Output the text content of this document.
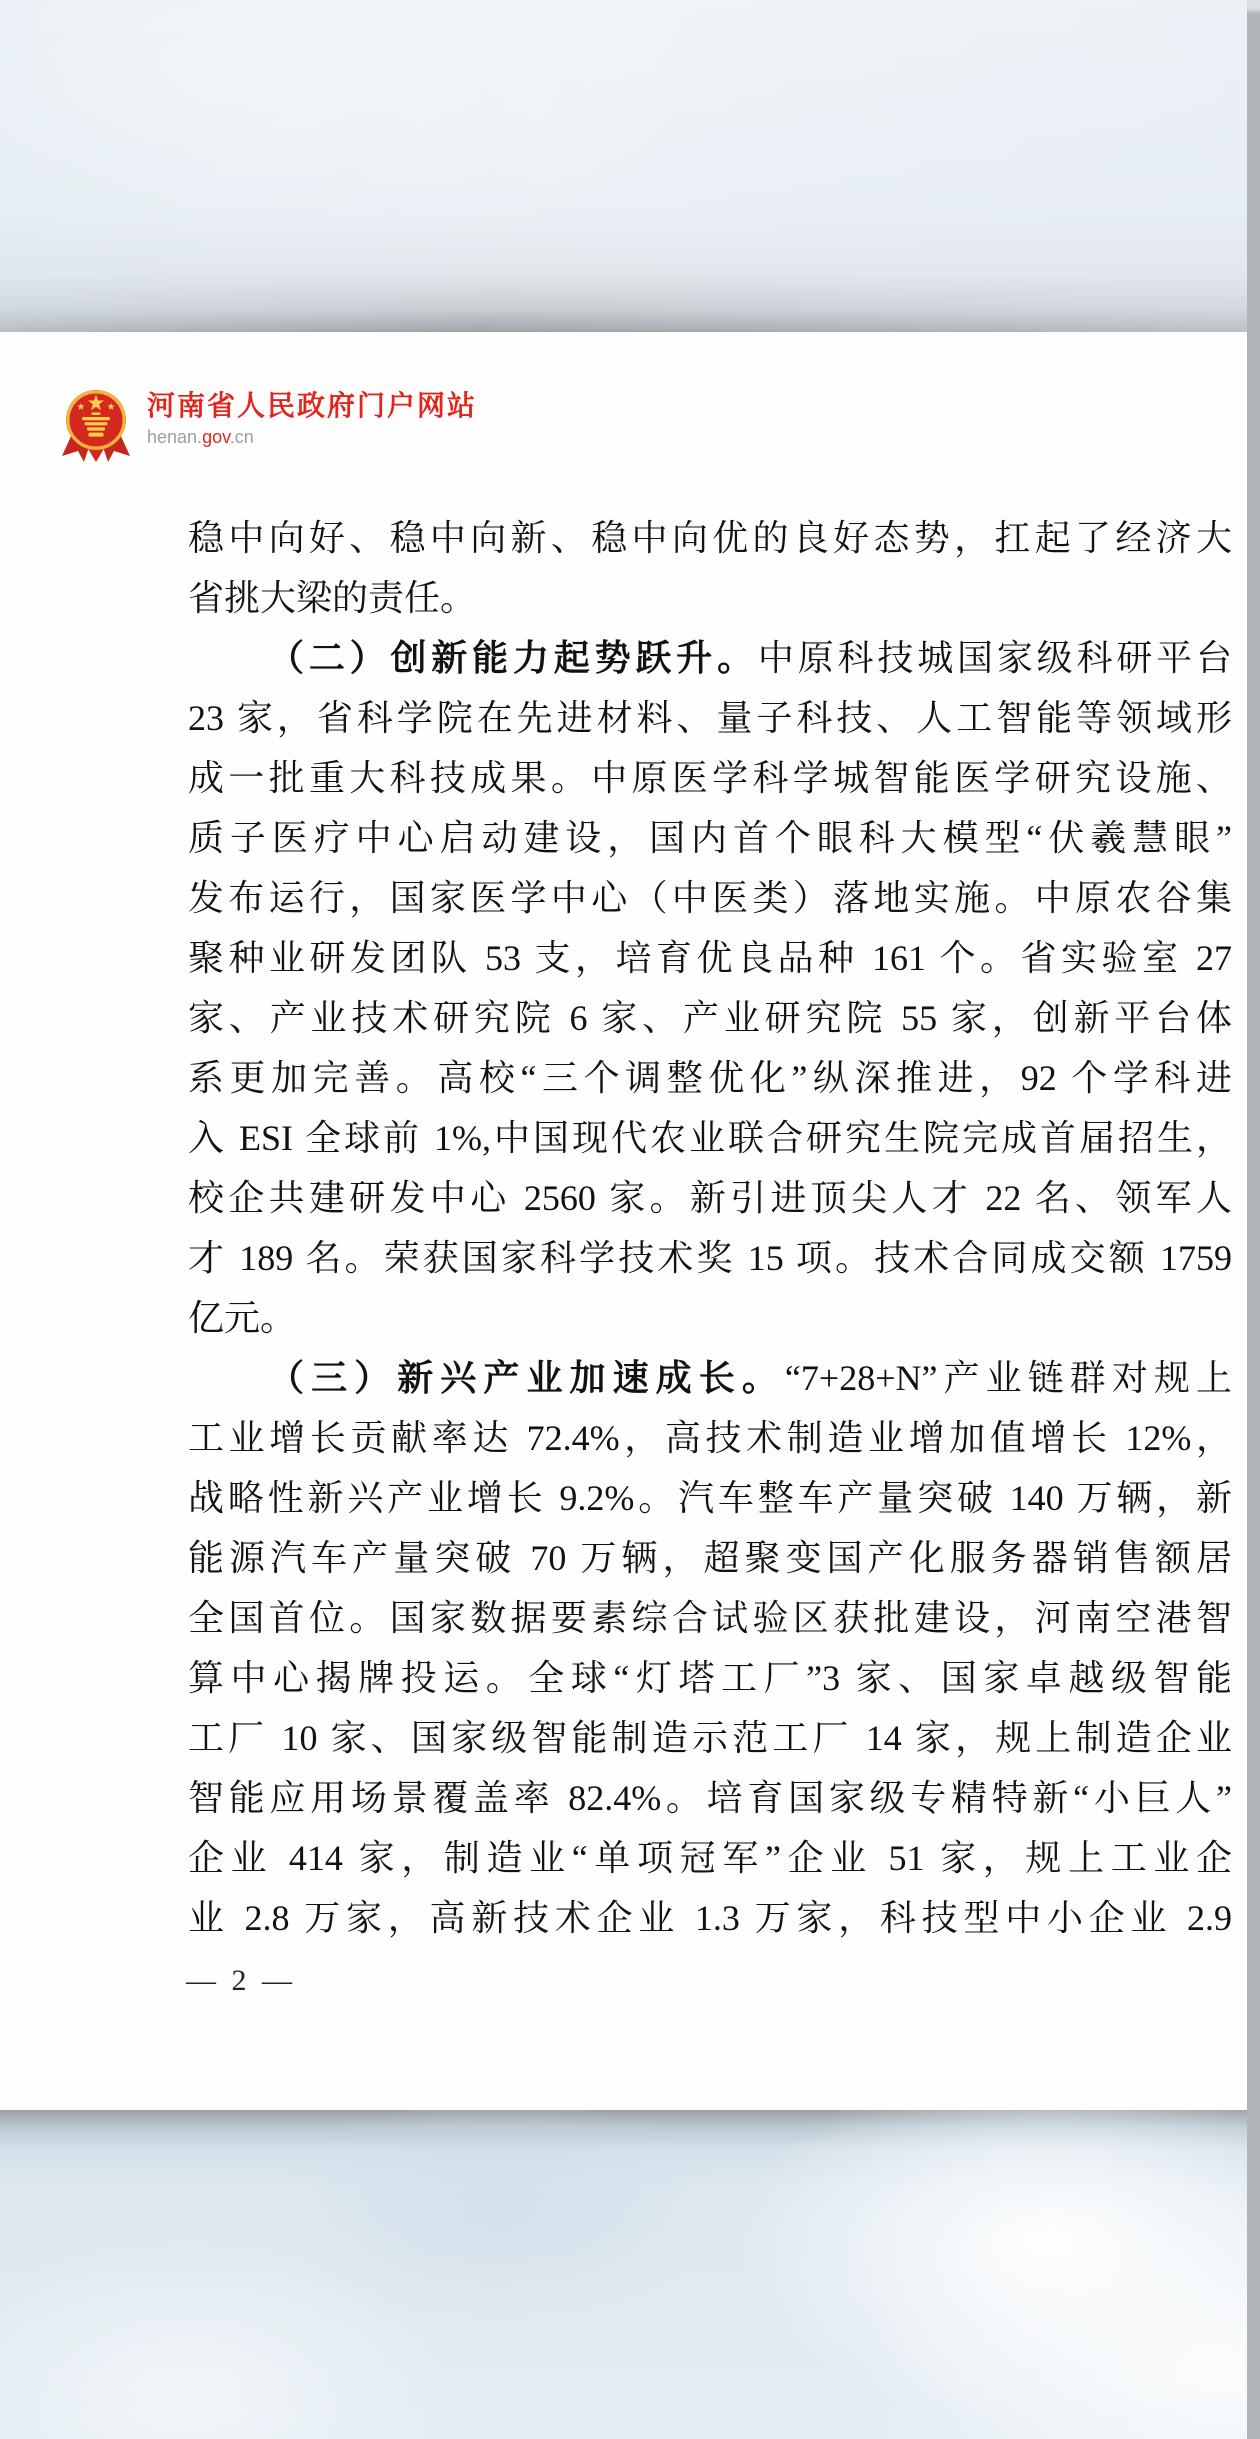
河南省人民政府门户网站
henan.gov.cn
稳中向好、稳中向新、稳中向优的良好态势，扛起了经济大
省挑大梁的责任。
（二）创新能力起势跃升。中原科技城国家级科研平台
23 家，省科学院在先进材料、量子科技、人工智能等领域形
成一批重大科技成果。中原医学科学城智能医学研究设施、
质子医疗中心启动建设，国内首个眼科大模型“伏羲慧眼”
发布运行，国家医学中心（中医类）落地实施。中原农谷集
聚种业研发团队 53 支，培育优良品种 161 个。省实验室 27
家、产业技术研究院 6 家、产业研究院 55 家，创新平台体
系更加完善。高校“三个调整优化”纵深推进，92 个学科进
入 ESI 全球前 1%,中国现代农业联合研究生院完成首届招生，
校企共建研发中心 2560 家。新引进顶尖人才 22 名、领军人
才 189 名。荣获国家科学技术奖 15 项。技术合同成交额 1759
亿元。
（三）新兴产业加速成长。“7+28+N”产业链群对规上
工业增长贡献率达 72.4%，高技术制造业增加值增长 12%，
战略性新兴产业增长 9.2%。汽车整车产量突破 140 万辆，新
能源汽车产量突破 70 万辆，超聚变国产化服务器销售额居
全国首位。国家数据要素综合试验区获批建设，河南空港智
算中心揭牌投运。全球“灯塔工厂”3 家、国家卓越级智能
工厂 10 家、国家级智能制造示范工厂 14 家，规上制造企业
智能应用场景覆盖率 82.4%。培育国家级专精特新“小巨人”
企业 414 家，制造业“单项冠军”企业 51 家，规上工业企
业 2.8 万家，高新技术企业 1.3 万家，科技型中小企业 2.9
— 2 —
